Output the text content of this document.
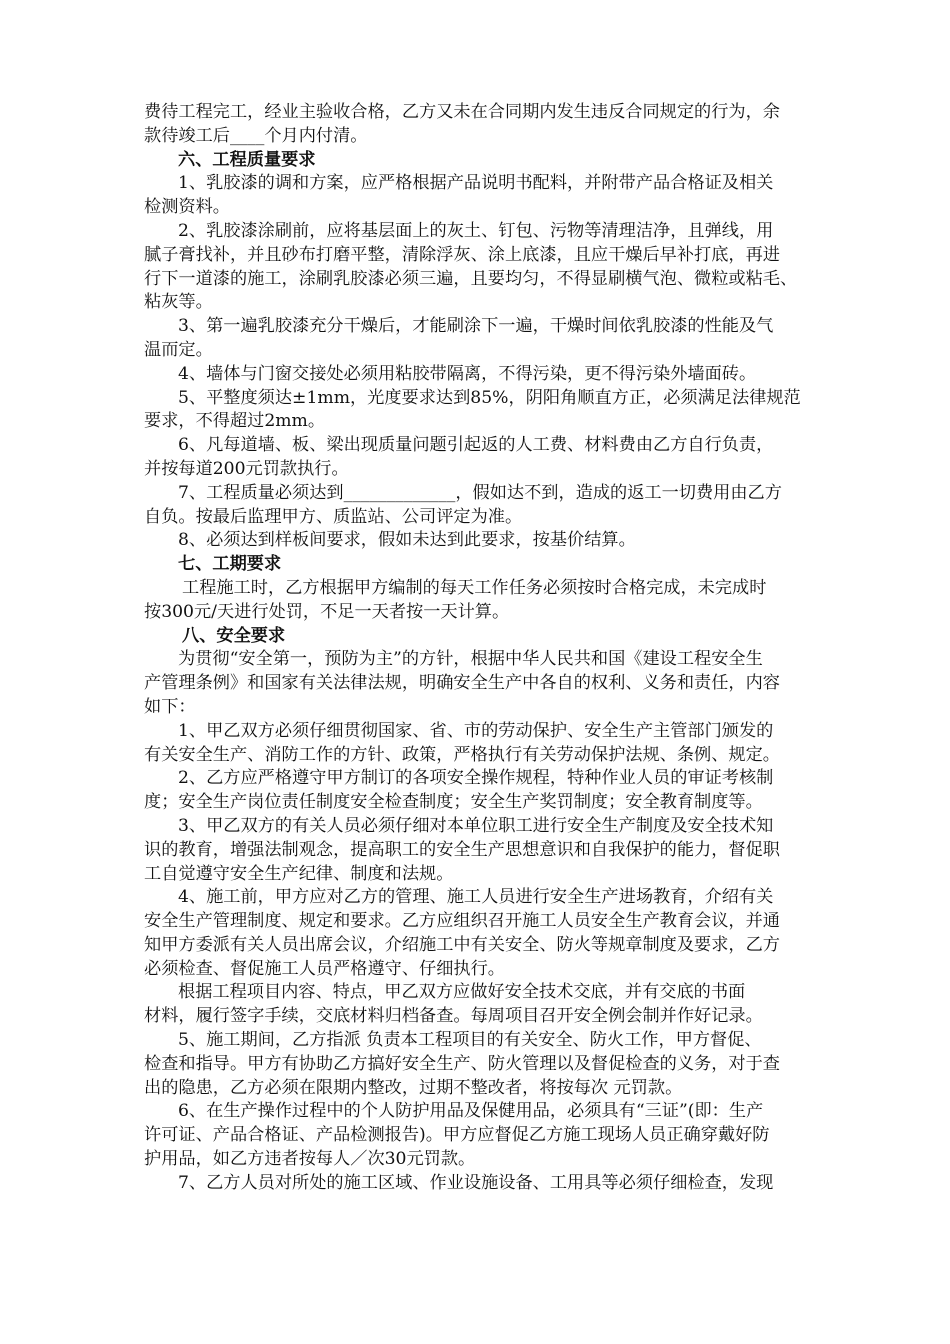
费待工程完工，经业主验收合格，乙方又未在合同期内发生违反合同规定的行为，余
款待竣工后____个月内付清。
六、工程质量要求
1、乳胶漆的调和方案，应严格根据产品说明书配料，并附带产品合格证及相关
检测资料。
2、乳胶漆涂刷前，应将基层面上的灰土、钉包、污物等清理洁净，且弹线，用
腻子膏找补，并且砂布打磨平整，清除浮灰、涂上底漆，且应干燥后早补打底，再进
行下一道漆的施工，涂刷乳胶漆必须三遍，且要均匀，不得显刷横气泡、微粒或粘毛、
粘灰等。
3、第一遍乳胶漆充分干燥后，才能刷涂下一遍，干燥时间依乳胶漆的性能及气
温而定。
4、墙体与门窗交接处必须用粘胶带隔离，不得污染，更不得污染外墙面砖。
5、平整度须达±1mm，光度要求达到85%，阴阳角顺直方正，必须满足法律规范
要求，不得超过2mm。
6、凡每道墙、板、梁出现质量问题引起返的人工费、材料费由乙方自行负责，
并按每道200元罚款执行。
7、工程质量必须达到_____________，假如达不到，造成的返工一切费用由乙方
自负。按最后监理甲方、质监站、公司评定为准。
8、必须达到样板间要求，假如未达到此要求，按基价结算。
七、工期要求
工程施工时，乙方根据甲方编制的每天工作任务必须按时合格完成，未完成时
按300元/天进行处罚，不足一天者按一天计算。
八、安全要求
为贯彻“安全第一，预防为主”的方针，根据中华人民共和国《建设工程安全生
产管理条例》和国家有关法律法规，明确安全生产中各自的权利、义务和责任，内容
如下：
1、甲乙双方必须仔细贯彻国家、省、市的劳动保护、安全生产主管部门颁发的
有关安全生产、消防工作的方针、政策，严格执行有关劳动保护法规、条例、规定。
2、乙方应严格遵守甲方制订的各项安全操作规程，特种作业人员的审证考核制
度；安全生产岗位责任制度安全检查制度；安全生产奖罚制度；安全教育制度等。
3、甲乙双方的有关人员必须仔细对本单位职工进行安全生产制度及安全技术知
识的教育，增强法制观念，提高职工的安全生产思想意识和自我保护的能力，督促职
工自觉遵守安全生产纪律、制度和法规。
4、施工前，甲方应对乙方的管理、施工人员进行安全生产进场教育，介绍有关
安全生产管理制度、规定和要求。乙方应组织召开施工人员安全生产教育会议，并通
知甲方委派有关人员出席会议，介绍施工中有关安全、防火等规章制度及要求，乙方
必须检查、督促施工人员严格遵守、仔细执行。
根据工程项目内容、特点，甲乙双方应做好安全技术交底，并有交底的书面
材料，履行签字手续，交底材料归档备查。每周项目召开安全例会制并作好记录。
5、施工期间，乙方指派 负责本工程项目的有关安全、防火工作，甲方督促、
检查和指导。甲方有协助乙方搞好安全生产、防火管理以及督促检查的义务，对于查
出的隐患，乙方必须在限期内整改，过期不整改者，将按每次 元罚款。
6、在生产操作过程中的个人防护用品及保健用品，必须具有“三证”(即：生产
许可证、产品合格证、产品检测报告)。甲方应督促乙方施工现场人员正确穿戴好防
护用品，如乙方违者按每人／次30元罚款。
7、乙方人员对所处的施工区域、作业设施设备、工用具等必须仔细检查，发现
